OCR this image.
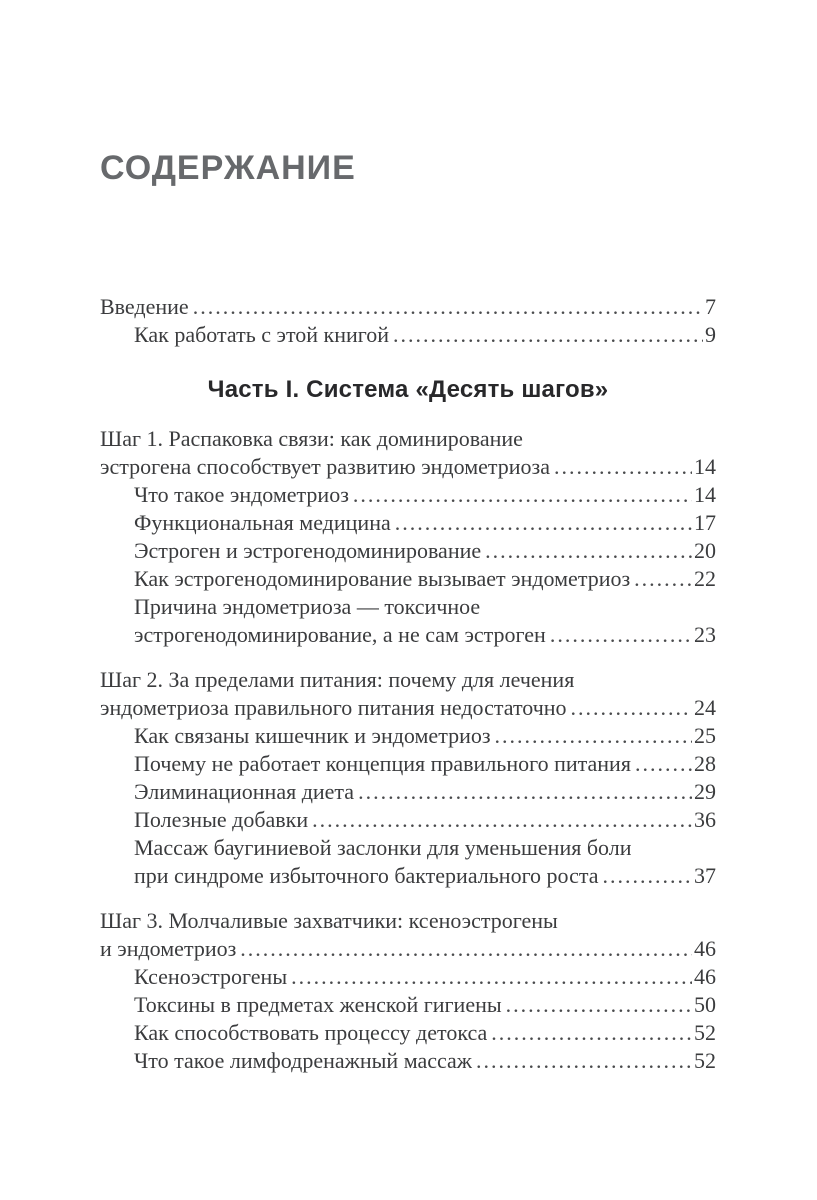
СОДЕРЖАНИЕ
Введение .....	7
Как работать с этой книгой .....	9
Часть I. Система «Десять шагов»
Шаг 1. Распаковка связи: как доминирование
эстрогена способствует развитию эндометриоза .....	14
Что такое эндометриоз .....	14
Функциональная медицина .....	17
Эстроген и эстрогенодоминирование .....	20
Как эстрогенодоминирование вызывает эндометриоз .....	22
Причина эндометриоза — токсичное
эстрогенодоминирование, а не сам эстроген .....	23
Шаг 2. За пределами питания: почему для лечения
эндометриоза правильного питания недостаточно .....	24
Как связаны кишечник и эндометриоз .....	25
Почему не работает концепция правильного питания .....	28
Элиминационная диета .....	29
Полезные добавки .....	36
Массаж баугиниевой заслонки для уменьшения боли
при синдроме избыточного бактериального роста .....	37
Шаг 3. Молчаливые захватчики: ксеноэстрогены
и эндометриоз .....	46
Ксеноэстрогены .....	46
Токсины в предметах женской гигиены .....	50
Как способствовать процессу детокса .....	52
Что такое лимфодренажный массаж .....	52
